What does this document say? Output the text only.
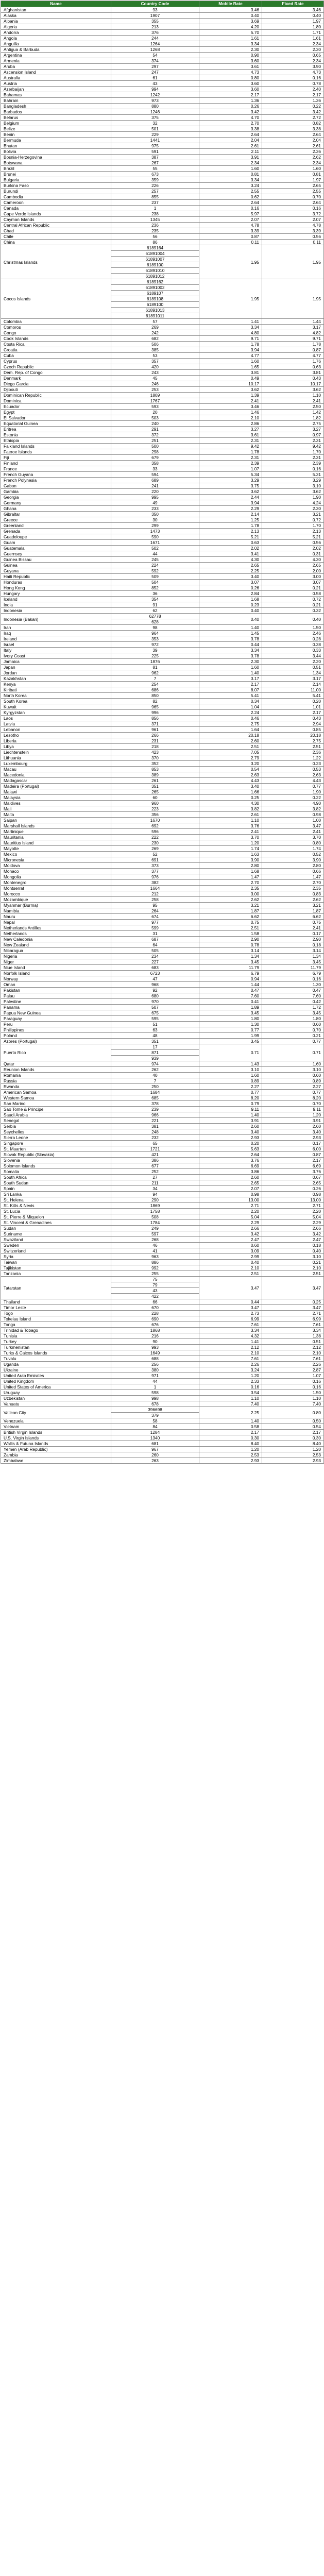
Name	Country Code	Mobile Rate	Fixed Rate
Afghanistan	93	3.46	3.46
Alaska	1907	0.40	0.40
Albania	355	3.69	1.97
Algeria	213	4.20	1.80
Andorra	376	5.70	1.71
Angola	244	1.61	1.61
Anguilla	1264	3.34	2.34
Antigua & Barbuda	1268	2.30	2.30
Argentina	54	0.90	0.65
Armenia	374	3.60	2.34
Aruba	297	3.61	3.90
Ascension Island	247	4.73	4.73
Australia	61	0.80	0.16
Austria	43	3.60	0.78
Azerbaijan	994	3.60	2.40
Bahamas	1242	2.17	2.17
Bahrain	973	1.36	1.36
Bangladesh	880	0.26	0.22
Barbados	1246	3.42	3.42
Belarus	375	4.70	2.72
Belgium	32	2.70	0.82
Belize	501	3.38	3.38
Benin	229	2.64	2.64
Bermuda	1441	2.04	2.04
Bhutan	975	2.61	2.61
Bolivia	591	2.11	2.36
Bosnia-Herzegovina	387	3.91	2.62
Botswana	267	2.34	2.34
Brazil	55	1.60	1.60
Brunei	673	0.81	0.81
Bulgaria	359	3.34	1.97
Burkina Faso	226	3.24	2.65
Burundi	257	2.55	2.55
Cambodia	855	0.62	0.70
Cameroon	237	2.64	2.64
Canada	1	0.16	0.16
Cape Verde Islands	238	5.97	3.72
Cayman Islands	1345	2.07	2.07
Central African Republic	236	4.78	4.78
Chad	235	3.39	3.39
Chile	56	0.87	0.56
China	86	0.11	0.11
Christmas Islands	6189164	1.95	1.95
	61891004		
	61891007		
	6189100		
	61891010		
	61891012		
Cocos Islands	6189162	1.95	1.95
	61891002		
	6189107		
	6189108		
	6189100		
	61891013		
	61891011		
Colombia	57	1.41	1.44
Comoros	269	3.34	3.17
Congo	242	4.80	4.82
Cook Islands	682	9.71	9.71
Costa Rica	506	1.78	1.78
Croatia	385	3.94	0.87
Cuba	53	4.77	4.77
Cyprus	357	1.60	1.76
Czech Republic	420	1.65	0.63
Dem. Rep. of Congo	243	3.81	3.81
Denmark	45	0.49	0.43
Diego Garcia	246	10.17	10.17
Djibouti	253	3.62	3.62
Dominican Republic	1809	1.39	1.10
Dominica	1767	2.41	2.41
Ecuador	593	3.46	2.50
Egypt	20	1.46	1.42
El Salvador	503	2.10	1.82
Equatorial Guinea	240	2.86	2.75
Eritrea	291	3.27	3.27
Estonia	372	3.61	0.97
Ethiopia	251	2.31	2.31
Falkland Islands	500	9.42	9.42
Faeroe Islands	298	1.78	1.70
Fiji	679	2.31	2.31
Finland	358	2.39	2.39
France	33	1.07	0.16
French Guyana	594	5.34	5.31
French Polynesia	689	3.29	3.29
Gabon	241	3.75	3.10
Gambia	220	3.62	3.62
Georgia	995	2.44	1.90
Germany	49	3.94	4.24
Ghana	233	2.29	2.30
Gibraltar	350	2.14	3.21
Greece	30	1.25	0.72
Greenland	299	1.78	1.70
Grenada	1473	2.13	2.13
Guadeloupe	590	5.21	5.21
Guam	1671	0.63	0.56
Guatemala	502	2.02	2.02
Guernsey	44	3.41	0.31
Guinea Bissau	245	4.30	4.30
Guinea	224	2.65	2.65
Guyana	592	2.25	2.00
Haiti Republic	509	3.40	3.00
Honduras	504	3.07	3.07
Hong Kong	852	0.26	0.21
Hungary	36	2.84	0.58
Iceland	354	1.68	0.72
India	91	0.23	0.21
Indonesia	62	0.40	0.32
Indonesia (Bakari)	62778	0.40	0.40
	628		
Iran	98	1.40	1.50
Iraq	964	1.45	2.46
Ireland	353	3.78	0.28
Israel	972	0.44	0.38
Italy	39	3.34	0.33
Ivory Coast	225	3.78	3.44
Jamaica	1876	2.30	2.20
Japan	81	1.60	0.51
Jordan	962	1.40	1.34
Kazakhstan	7	3.17	3.17
Kenya	254	2.17	2.14
Kiribati	686	8.07	11.00
North Korea	850	5.41	5.41
South Korea	82	0.34	0.20
Kuwait	965	1.04	1.01
Kyrgyzstan	996	2.24	2.17
Laos	856	0.46	0.43
Latvia	371	2.75	2.94
Lebanon	961	1.64	0.85
Lesotho	266	20.18	20.18
Liberia	231	2.60	2.75
Libya	218	2.51	2.51
Liechtenstein	423	7.05	2.36
Lithuania	370	2.79	1.22
Luxembourg	352	3.20	0.23
Macau	853	0.54	0.53
Macedonia	389	2.63	2.63
Madagascar	261	4.43	4.43
Madeira (Portugal)	351	3.40	0.77
Malawi	265	1.66	1.90
Malaysia	60	0.25	0.22
Maldives	960	4.30	4.90
Mali	223	3.82	3.82
Malta	356	2.61	0.98
Saipan	1670	1.10	1.00
Marshall Islands	692	3.76	3.47
Martinique	596	2.41	2.41
Mauritania	222	3.70	3.70
Mauritius Island	230	1.20	0.80
Mayotte	269	1.74	1.74
Mexico	52	1.63	0.52
Micronesia	691	3.90	3.90
Moldova	373	2.80	2.80
Monaco	377	1.68	0.66
Mongolia	976	1.47	1.47
Montenegro	382	2.70	2.70
Montserrat	1664	2.35	2.35
Morocco	212	3.00	0.83
Mozambique	258	2.62	2.62
Myanmar (Burma)	95	3.21	3.21
Namibia	264	1.87	1.87
Nauru	674	6.62	6.62
Nepal	977	0.75	0.75
Netherlands Antilles	599	2.51	2.41
Netherlands	31	1.58	0.17
New Caledonia	687	2.90	2.90
New Zealand	64	0.78	0.18
Nicaragua	505	3.14	3.14
Nigeria	234	1.34	1.34
Niger	227	3.45	3.45
Niue Island	683	11.79	11.79
Norfolk Island	6723	6.79	6.79
Norway	47	0.94	0.16
Oman	968	1.44	1.30
Pakistan	92	0.47	0.47
Palau	680	7.60	7.60
Palestine	970	0.41	0.42
Panama	507	1.89	1.72
Papua New Guinea	675	3.45	3.45
Paraguay	595	1.80	1.80
Peru	51	1.30	0.60
Philippines	63	0.77	0.70
Poland	48	1.99	0.21
Azores (Portugal)	351	3.45	0.77
Puerto Rico	17	0.71	0.71
	871		
	939		
Qatar	974	1.43	1.60
Reunion Islands	262	3.10	3.10
Romania	40	1.60	0.60
Russia	7	0.89	0.89
Rwanda	250	2.27	2.27
American Samoa	1684	0.77	0.77
Western Samoa	685	8.20	8.20
San Marino	378	0.79	0.70
Sao Tome & Principe	239	9.11	9.11
Saudi Arabia	966	1.40	1.20
Senegal	221	3.91	3.91
Serbia	381	2.60	2.60
Seychelles	248	3.40	3.40
Sierra Leone	232	2.93	2.93
Singapore	65	0.20	0.17
St. Maarten	1721	5.63	6.00
Slovak Republic (Slovakia)	421	2.64	0.87
Slovenia	386	3.76	2.17
Solomon Islands	677	6.69	6.69
Somalia	252	3.86	3.76
South Africa	27	2.60	0.67
South Sudan	211	2.65	2.65
Spain	34	2.07	0.26
Sri Lanka	94	0.98	0.98
St. Helena	290	13.00	13.00
St. Kitts & Nevis	1869	2.71	2.71
St. Lucia	1758	2.20	2.20
St. Pierre & Miquelon	508	5.04	5.04
St. Vincent & Grenadines	1784	2.29	2.29
Sudan	249	2.66	2.66
Suriname	597	3.42	3.42
Swaziland	268	2.47	2.47
Sweden	46	0.60	0.18
Switzerland	41	3.09	0.40
Syria	963	2.99	3.10
Taiwan	886	0.40	0.21
Tajikistan	992	2.10	2.10
Tanzania	255	2.51	2.51
Tatarstan	75	3.47	3.47
	79		
	43		
	422		
Thailand	66	0.44	0.25
Timor Leste	670	3.47	3.47
Togo	228	2.73	2.71
Tokelau Island	690	6.99	6.99
Tonga	676	7.61	7.61
Trinidad & Tobago	1868	3.34	3.34
Tunisia	216	4.32	1.38
Turkey	90	1.41	0.51
Turkmenistan	993	2.12	2.12
Turks & Caicos Islands	1649	2.10	2.10
Tuvalu	688	7.61	7.61
Uganda	256	2.26	2.26
Ukraine	380	3.24	2.87
United Arab Emirates	971	1.20	1.07
United Kingdom	44	2.33	0.16
United States of America	1	0.16	0.16
Uruguay	598	3.54	1.50
Uzbekistan	998	1.10	1.10
Vanuatu	678	7.40	7.40
Vatican City	396698	2.25	0.80
	379		
Venezuela	58	1.40	0.50
Vietnam	84	0.58	0.54
British Virgin Islands	1284	2.17	2.17
U.S. Virgin Islands	1340	0.30	0.30
Wallis & Futuna Islands	681	8.40	8.40
Yemen (Arab Republic)	967	1.20	1.20
Zambia	260	2.53	2.53
Zimbabwe	263	2.93	2.93
